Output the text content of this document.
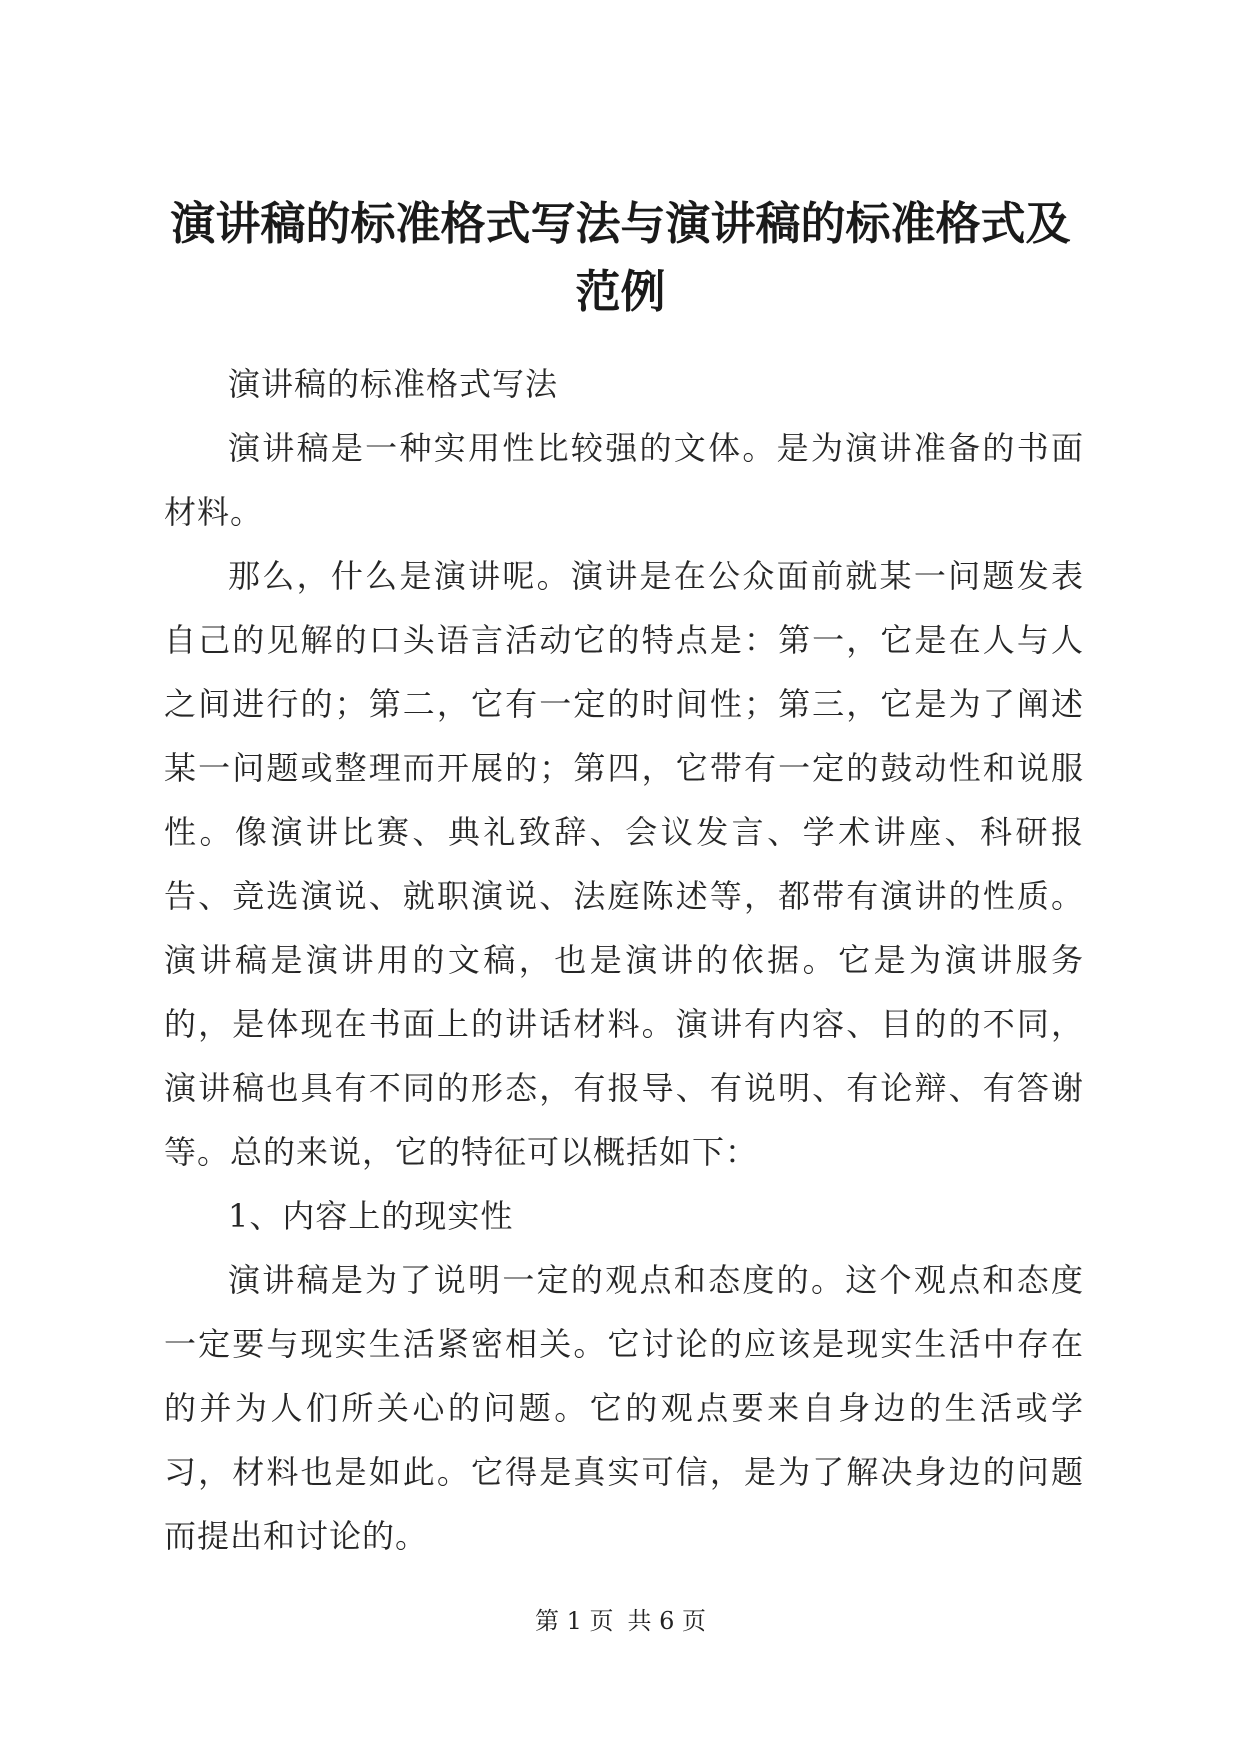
演讲稿的标准格式写法与演讲稿的标准格式及范例

演讲稿的标准格式写法

演讲稿是一种实用性比较强的文体。是为演讲准备的书面材料。

那么，什么是演讲呢。演讲是在公众面前就某一问题发表自己的见解的口头语言活动它的特点是：第一，它是在人与人之间进行的；第二，它有一定的时间性；第三，它是为了阐述某一问题或整理而开展的；第四，它带有一定的鼓动性和说服性。像演讲比赛、典礼致辞、会议发言、学术讲座、科研报告、竞选演说、就职演说、法庭陈述等，都带有演讲的性质。演讲稿是演讲用的文稿，也是演讲的依据。它是为演讲服务的，是体现在书面上的讲话材料。演讲有内容、目的的不同，演讲稿也具有不同的形态，有报导、有说明、有论辩、有答谢等。总的来说，它的特征可以概括如下：

1、内容上的现实性

演讲稿是为了说明一定的观点和态度的。这个观点和态度一定要与现实生活紧密相关。它讨论的应该是现实生活中存在的并为人们所关心的问题。它的观点要来自身边的生活或学习，材料也是如此。它得是真实可信，是为了解决身边的问题而提出和讨论的。

第 1 页 共 6 页
